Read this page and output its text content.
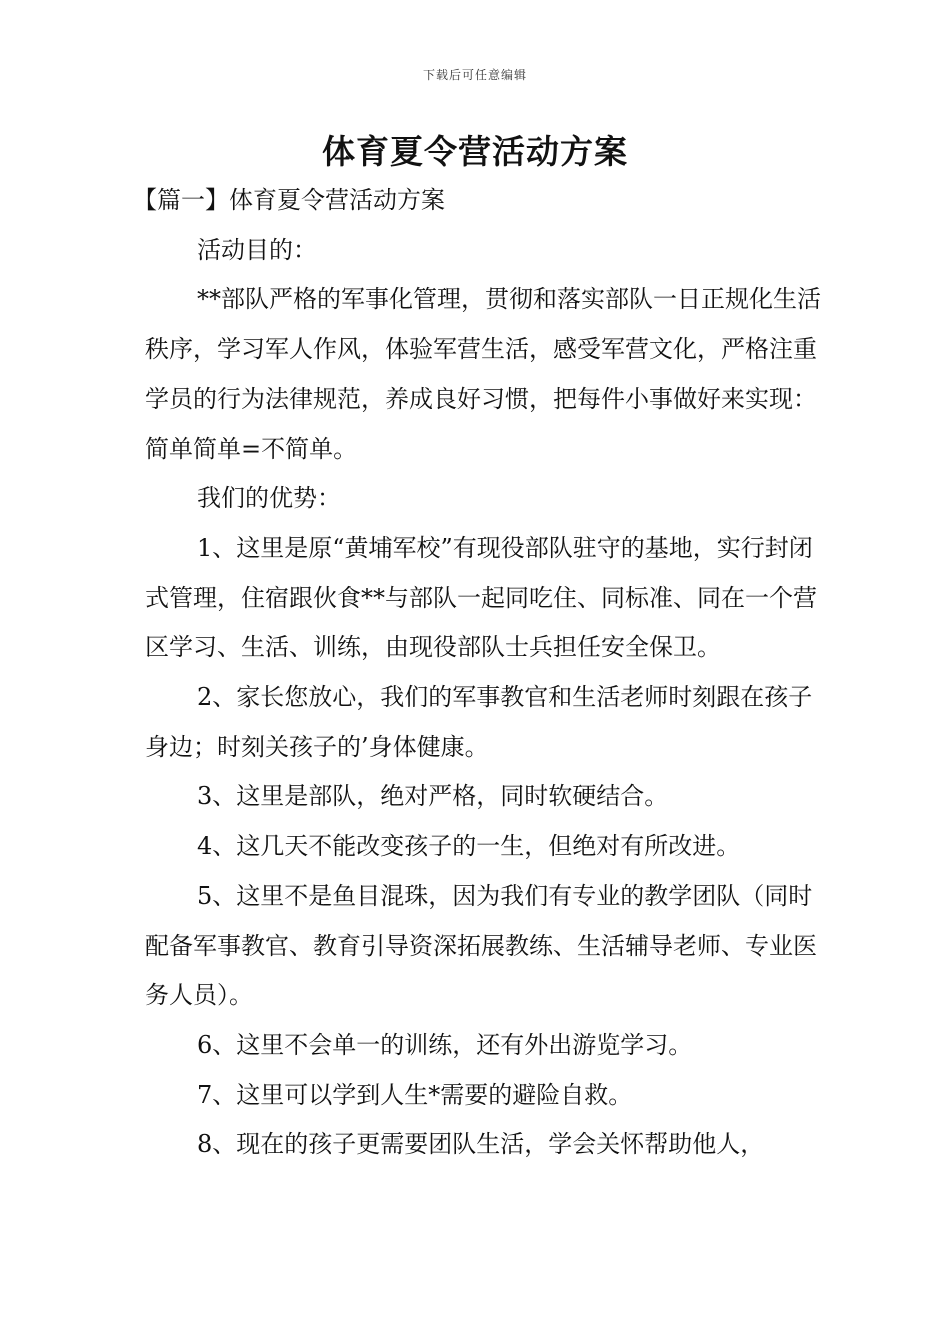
下载后可任意编辑
体育夏令营活动方案

【篇一】体育夏令营活动方案

活动目的：

**部队严格的军事化管理，贯彻和落实部队一日正规化生活秩序，学习军人作风，体验军营生活，感受军营文化，严格注重学员的行为法律规范，养成良好习惯，把每件小事做好来实现：简单简单=不简单。

我们的优势：

1、这里是原“黄埔军校”有现役部队驻守的基地，实行封闭式管理，住宿跟伙食**与部队一起同吃住、同标准、同在一个营区学习、生活、训练，由现役部队士兵担任安全保卫。

2、家长您放心，我们的军事教官和生活老师时刻跟在孩子身边；时刻关孩子的’身体健康。

3、这里是部队，绝对严格，同时软硬结合。

4、这几天不能改变孩子的一生，但绝对有所改进。

5、这里不是鱼目混珠，因为我们有专业的教学团队（同时配备军事教官、教育引导资深拓展教练、生活辅导老师、专业医务人员）。

6、这里不会单一的训练，还有外出游览学习。

7、这里可以学到人生*需要的避险自救。

8、现在的孩子更需要团队生活，学会关怀帮助他人，
